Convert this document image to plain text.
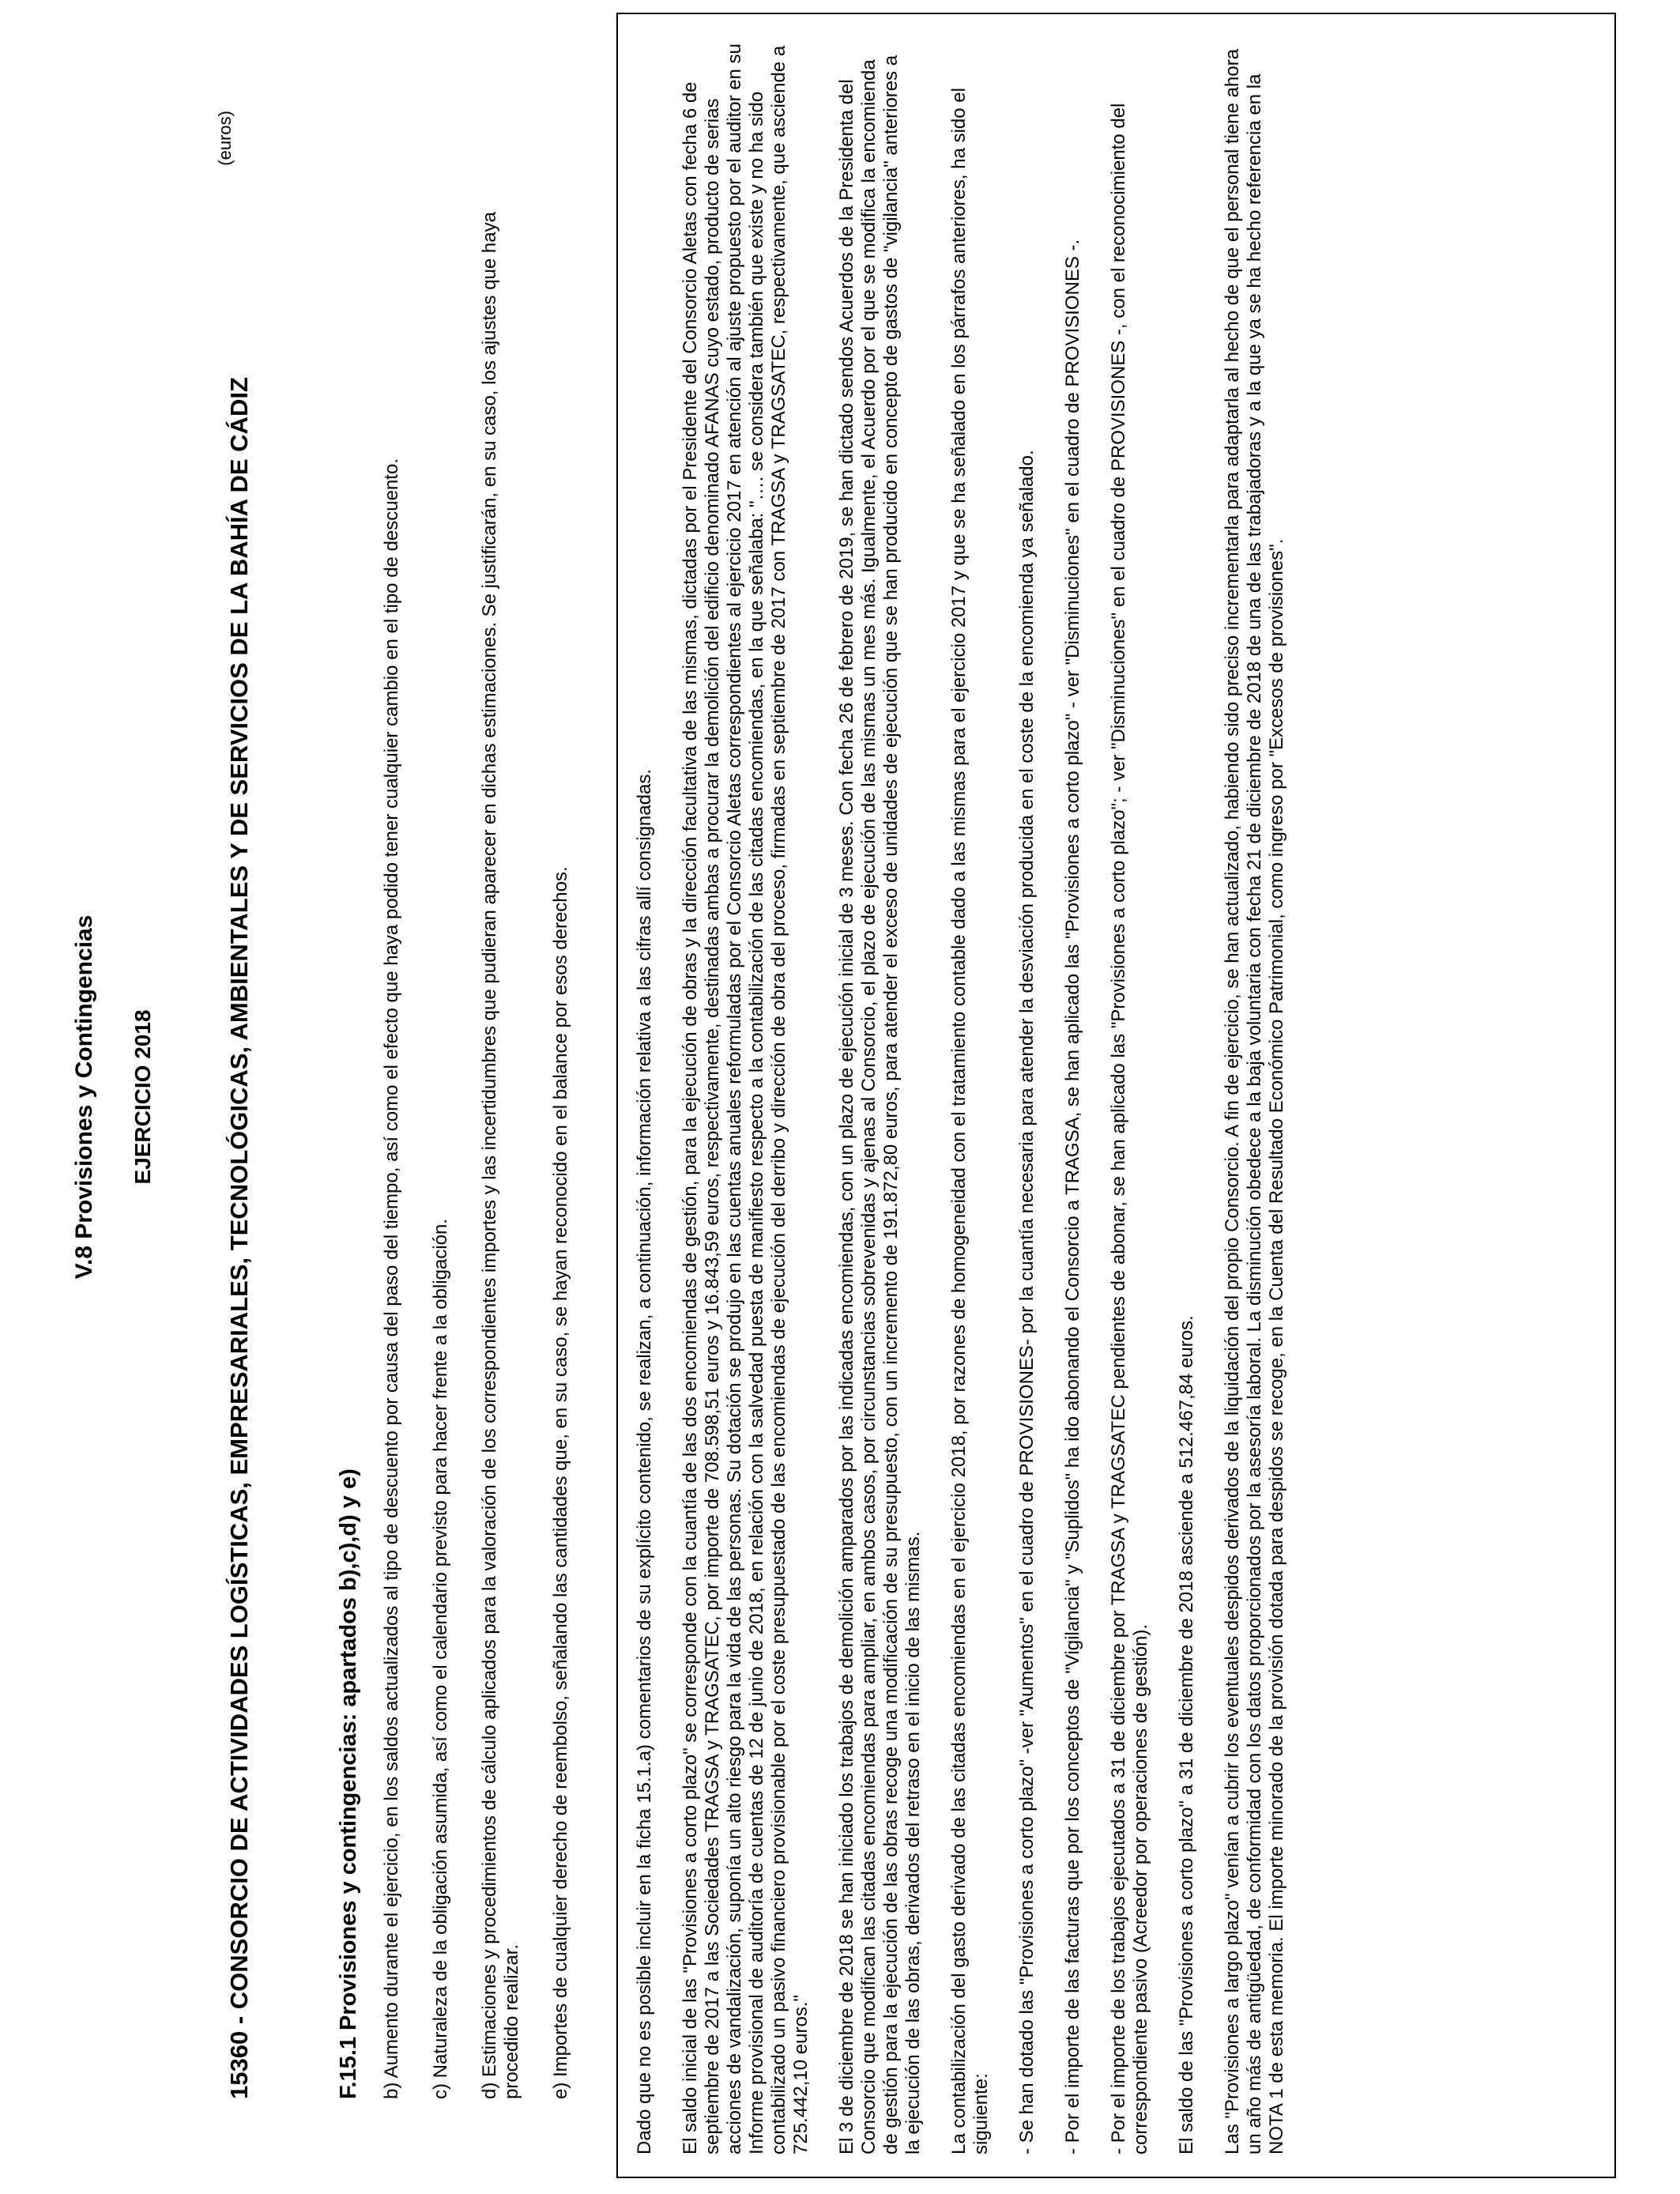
V.8 Provisiones y Contingencias EJERCICIO 2018
(euros)
15360 - CONSORCIO DE ACTIVIDADES LOGÍSTICAS, EMPRESARIALES, TECNOLÓGICAS, AMBIENTALES Y DE SERVICIOS DE LA BAHÍA DE CÁDIZ	F.15.1 Provisiones y contingencias: apartados b),c),d) y e) b) Aumento durante el ejercicio, en los saldos actualizados al tipo de descuento por causa del paso del tiempo, así como el efecto que haya podido tener cualquier cambio en el tipo de descuento. c) Naturaleza de la obligación asumida, así como el calendario previsto para hacer frente a la obligación. d) Estimaciones y procedimientos de cálculo aplicados para la valoración de los correspondientes importes y las incertidumbres que pudieran aparecer en dichas estimaciones. Se justificarán, en su caso, los ajustes que haya procedido realizar. e) Importes de cualquier derecho de reembolso, señalando las cantidades que, en su caso, se hayan reconocido en el balance por esos derechos.	Dado que no es posible incluir en la ficha 15.1.a) comentarios de su explícito contenido, se realizan, a continuación, información relativa a las cifras allí consignadas. El saldo inicial de las "Provisiones a corto plazo" se corresponde con la cuantía de las dos encomiendas de gestión, para la ejecución de obras y la dirección facultativa de las mismas, dictadas por el Presidente del Consorcio Aletas con fecha 6 de septiembre de 2017 a las Sociedades TRAGSA y TRAGSATEC, por importe de 708.598,51 euros y 16.843,59 euros, respectivamente, destinadas ambas a procurar la demolición del edificio denominado AFANAS cuyo estado, producto de serias acciones de vandalización, suponía un alto riesgo para la vida de las personas. Su dotación se produjo en las cuentas anuales reformuladas por el Consorcio Aletas correspondientes al ejercicio 2017 en atención al ajuste propuesto por el auditor en su Informe provisional de auditoría de cuentas de 12 de junio de 2018, en relación con la salvedad puesta de manifiesto respecto a la contabilización de las citadas encomiendas, en la que señalaba: "…. se considera también que existe y no ha sido contabilizado un pasivo financiero provisionable por el coste presupuestado de las encomiendas de ejecución del derribo y dirección de obra del proceso, firmadas en septiembre de 2017 con TRAGSA y TRAGSATEC, respectivamente, que asciende a 725.442,10 euros." El 3 de diciembre de 2018 se han iniciado los trabajos de demolición amparados por las indicadas encomiendas, con un plazo de ejecución inicial de 3 meses. Con fecha 26 de febrero de 2019, se han dictado sendos Acuerdos de la Presidenta del Consorcio que modifican las citadas encomiendas para ampliar, en ambos casos, por circunstancias sobrevenidas y ajenas al Consorcio, el plazo de ejecución de las mismas un mes más. Igualmente, el Acuerdo por el que se modifica la encomienda de gestión para la ejecución de las obras recoge una modificación de su presupuesto, con un incremento de 191.872,80 euros, para atender el exceso de unidades de ejecución que se han producido en concepto de gastos de "vigilancia" anteriores a la ejecución de las obras, derivados del retraso en el inicio de las mismas. La contabilización del gasto derivado de las citadas encomiendas en el ejercicio 2018, por razones de homogeneidad con el tratamiento contable dado a las mismas para el ejercicio 2017 y que se ha señalado en los párrafos anteriores, ha sido el siguiente: - Se han dotado las "Provisiones a corto plazo" -ver "Aumentos" en el cuadro de PROVISIONES- por la cuantía necesaria para atender la desviación producida en el coste de la encomienda ya señalado. - Por el importe de las facturas que por los conceptos de "Vigilancia" y "Suplidos" ha ido abonando el Consorcio a TRAGSA, se han aplicado las "Provisiones a corto plazo" - ver "Disminuciones" en el cuadro de PROVISIONES -. - Por el importe de los trabajos ejecutados a 31 de diciembre por TRAGSA y TRAGSATEC pendientes de abonar, se han aplicado las "Provisiones a corto plazo"; - ver "Disminuciones" en el cuadro de PROVISIONES -, con el reconocimiento del correspondiente pasivo (Acreedor por operaciones de gestión). El saldo de las "Provisiones a corto plazo" a 31 de diciembre de 2018 asciende a 512.467,84 euros. Las "Provisiones a largo plazo" venían a cubrir los eventuales despidos derivados de la liquidación del propio Consorcio. A fin de ejercicio, se han actualizado, habiendo sido preciso incrementarla para adaptarla al hecho de que el personal tiene ahora un año más de antigüedad, de conformidad con los datos proporcionados por la asesoría laboral. La disminución obedece a la baja voluntaria con fecha 21 de diciembre de 2018 de una de las trabajadoras y a la que ya se ha hecho referencia en la NOTA 1 de esta memoria. El importe minorado de la provisión dotada para despidos se recoge, en la Cuenta del Resultado Económico Patrimonial, como ingreso por "Excesos de provisiones".
